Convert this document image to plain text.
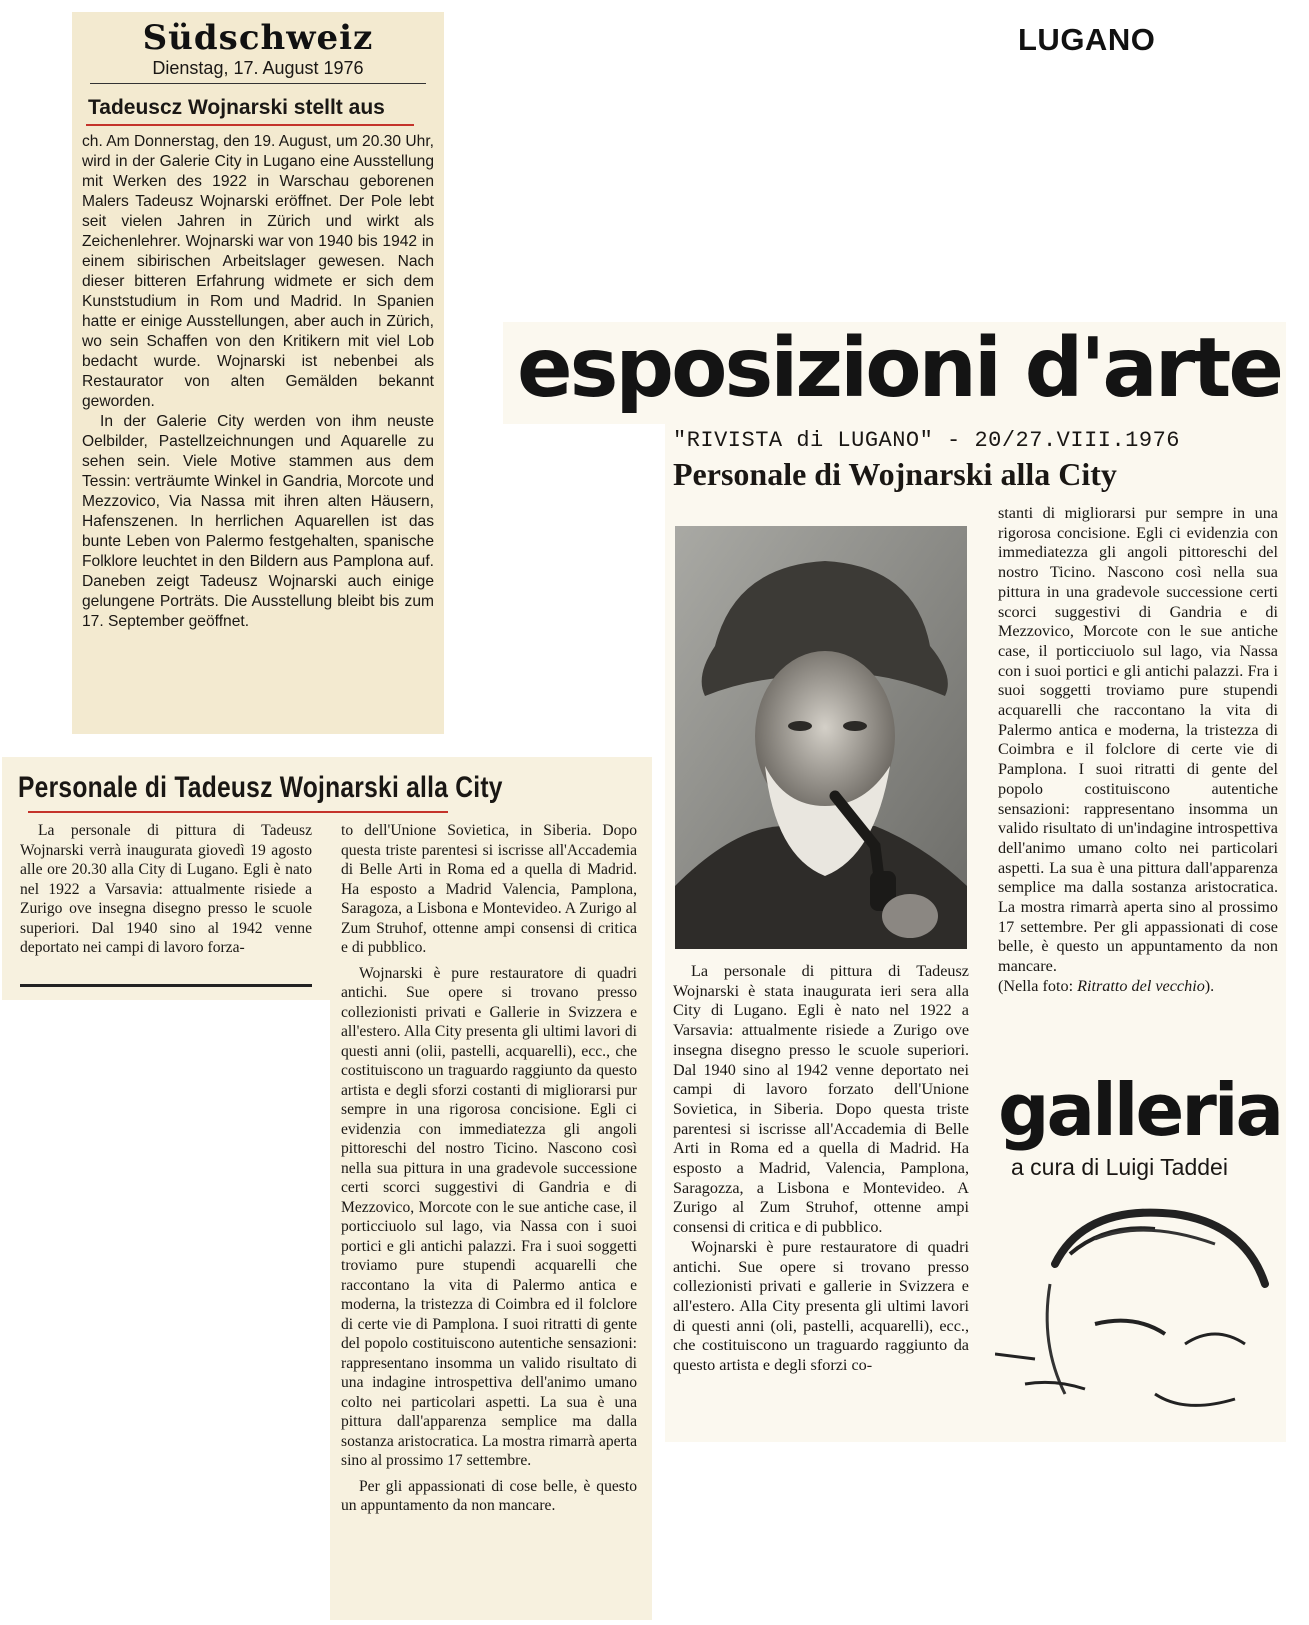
LUGANO
Südschweiz
Dienstag, 17. August 1976
Tadeuscz Wojnarski stellt aus

ch. Am Donnerstag, den 19. August, um 20.30 Uhr, wird in der Galerie City in Lugano eine Ausstellung mit Werken des 1922 in Warschau geborenen Malers Tadeusz Wojnarski eröffnet. Der Pole lebt seit vielen Jahren in Zürich und wirkt als Zeichenlehrer. Wojnarski war von 1940 bis 1942 in einem sibirischen Arbeitslager gewesen. Nach dieser bitteren Erfahrung widmete er sich dem Kunststudium in Rom und Madrid. In Spanien hatte er einige Ausstellungen, aber auch in Zürich, wo sein Schaffen von den Kritikern mit viel Lob bedacht wurde. Wojnarski ist nebenbei als Restaurator von alten Gemälden bekannt geworden.

In der Galerie City werden von ihm neuste Oelbilder, Pastellzeichnungen und Aquarelle zu sehen sein. Viele Motive stammen aus dem Tessin: verträumte Winkel in Gandria, Morcote und Mezzovico, Via Nassa mit ihren alten Häusern, Hafenszenen. In herrlichen Aquarellen ist das bunte Leben von Palermo festgehalten, spanische Folklore leuchtet in den Bildern aus Pamplona auf. Daneben zeigt Tadeusz Wojnarski auch einige gelungene Porträts. Die Ausstellung bleibt bis zum 17. September geöffnet.

Personale di Tadeusz Wojnarski alla City

La personale di pittura di Tadeusz Wojnarski verrà inaugurata giovedì 19 agosto alle ore 20.30 alla City di Lugano. Egli è nato nel 1922 a Varsavia: attualmente risiede a Zurigo ove insegna disegno presso le scuole superiori. Dal 1940 sino al 1942 venne deportato nei campi di lavoro forza-

to dell'Unione Sovietica, in Siberia. Dopo questa triste parentesi si iscrisse all'Accademia di Belle Arti in Roma ed a quella di Madrid. Ha esposto a Madrid Valencia, Pamplona, Saragoza, a Lisbona e Montevideo. A Zurigo al Zum Struhof, ottenne ampi consensi di critica e di pubblico.

Wojnarski è pure restauratore di quadri antichi. Sue opere si trovano presso collezionisti privati e Gallerie in Svizzera e all'estero. Alla City presenta gli ultimi lavori di questi anni (olii, pastelli, acquarelli), ecc., che costituiscono un traguardo raggiunto da questo artista e degli sforzi costanti di migliorarsi pur sempre in una rigorosa concisione. Egli ci evidenzia con immediatezza gli angoli pittoreschi del nostro Ticino. Nascono così nella sua pittura in una gradevole successione certi scorci suggestivi di Gandria e di Mezzovico, Morcote con le sue antiche case, il porticciuolo sul lago, via Nassa con i suoi portici e gli antichi palazzi. Fra i suoi soggetti troviamo pure stupendi acquarelli che raccontano la vita di Palermo antica e moderna, la tristezza di Coimbra ed il folclore di certe vie di Pamplona. I suoi ritratti di gente del popolo costituiscono autentiche sensazioni: rappresentano insomma un valido risultato di una indagine introspettiva dell'animo umano colto nei particolari aspetti. La sua è una pittura dall'apparenza semplice ma dalla sostanza aristocratica. La mostra rimarrà aperta sino al prossimo 17 settembre.

Per gli appassionati di cose belle, è questo un appuntamento da non mancare.

esposizioni d'arte
"RIVISTA di LUGANO" - 20/27.VIII.1976
Personale di Wojnarski alla City

La personale di pittura di Tadeusz Wojnarski è stata inaugurata ieri sera alla City di Lugano. Egli è nato nel 1922 a Varsavia: attualmente risiede a Zurigo ove insegna disegno presso le scuole superiori. Dal 1940 sino al 1942 venne deportato nei campi di lavoro forzato dell'Unione Sovietica, in Siberia. Dopo questa triste parentesi si iscrisse all'Accademia di Belle Arti in Roma ed a quella di Madrid. Ha esposto a Madrid, Valencia, Pamplona, Saragozza, a Lisbona e Montevideo. A Zurigo al Zum Struhof, ottenne ampi consensi di critica e di pubblico.

Wojnarski è pure restauratore di quadri antichi. Sue opere si trovano presso collezionisti privati e gallerie in Svizzera e all'estero. Alla City presenta gli ultimi lavori di questi anni (oli, pastelli, acquarelli), ecc., che costituiscono un traguardo raggiunto da questo artista e degli sforzi co-

stanti di migliorarsi pur sempre in una rigorosa concisione. Egli ci evidenzia con immediatezza gli angoli pittoreschi del nostro Ticino. Nascono così nella sua pittura in una gradevole successione certi scorci suggestivi di Gandria e di Mezzovico, Morcote con le sue antiche case, il porticciuolo sul lago, via Nassa con i suoi portici e gli antichi palazzi. Fra i suoi soggetti troviamo pure stupendi acquarelli che raccontano la vita di Palermo antica e moderna, la tristezza di Coimbra e il folclore di certe vie di Pamplona. I suoi ritratti di gente del popolo costituiscono autentiche sensazioni: rappresentano insomma un valido risultato di un'indagine introspettiva dell'animo umano colto nei particolari aspetti. La sua è una pittura dall'apparenza semplice ma dalla sostanza aristocratica. La mostra rimarrà aperta sino al prossimo 17 settembre. Per gli appassionati di cose belle, è questo un appuntamento da non mancare.

(Nella foto: Ritratto del vecchio).

galleria
a cura di Luigi Taddei
